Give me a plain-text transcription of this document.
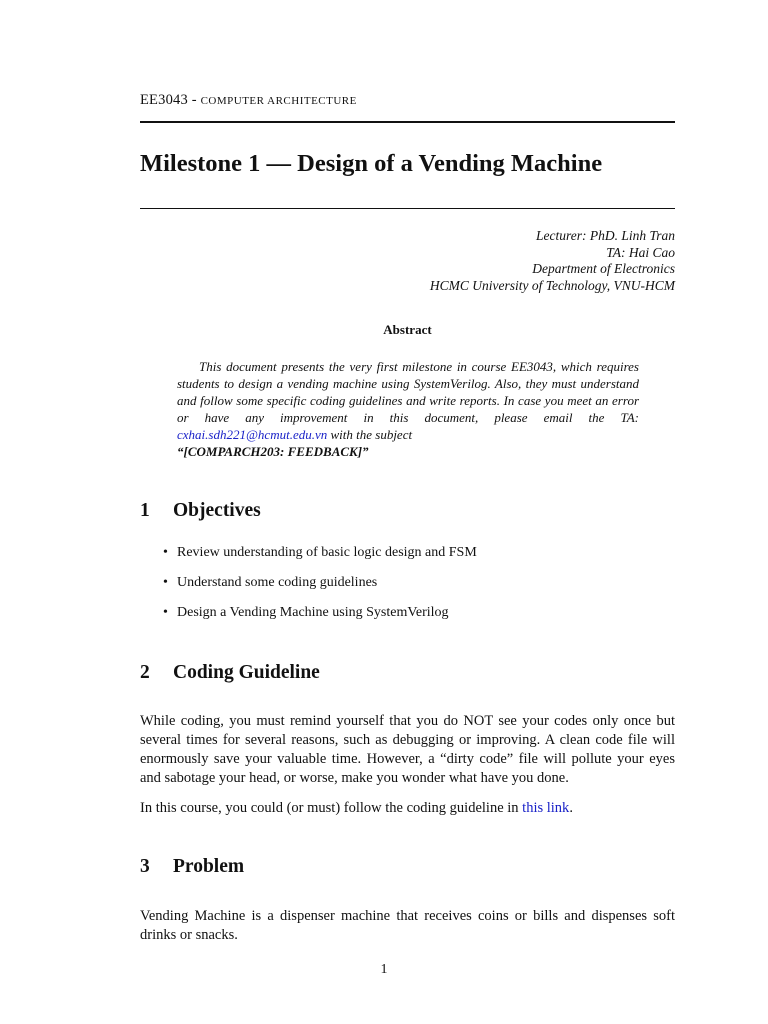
EE3043 - COMPUTER ARCHITECTURE
Milestone 1 — Design of a Vending Machine
Lecturer: PhD. Linh Tran
TA: Hai Cao
Department of Electronics
HCMC University of Technology, VNU-HCM
Abstract

This document presents the very first milestone in course EE3043, which requires students to design a vending machine using SystemVerilog. Also, they must understand and follow some specific coding guidelines and write reports. In case you meet an error or have any improvement in this document, please email the TA: cxhai.sdh221@hcmut.edu.vn with the subject
“[COMPARCH203: FEEDBACK]”

1 Objectives
• Review understanding of basic logic design and FSM
• Understand some coding guidelines
• Design a Vending Machine using SystemVerilog
2 Coding Guideline
While coding, you must remind yourself that you do NOT see your codes only once but several times for several reasons, such as debugging or improving. A clean code file will enormously save your valuable time. However, a “dirty code” file will pollute your eyes and sabotage your head, or worse, make you wonder what have you done.
In this course, you could (or must) follow the coding guideline in this link.
3 Problem
Vending Machine is a dispenser machine that receives coins or bills and dispenses soft drinks or snacks.
1
